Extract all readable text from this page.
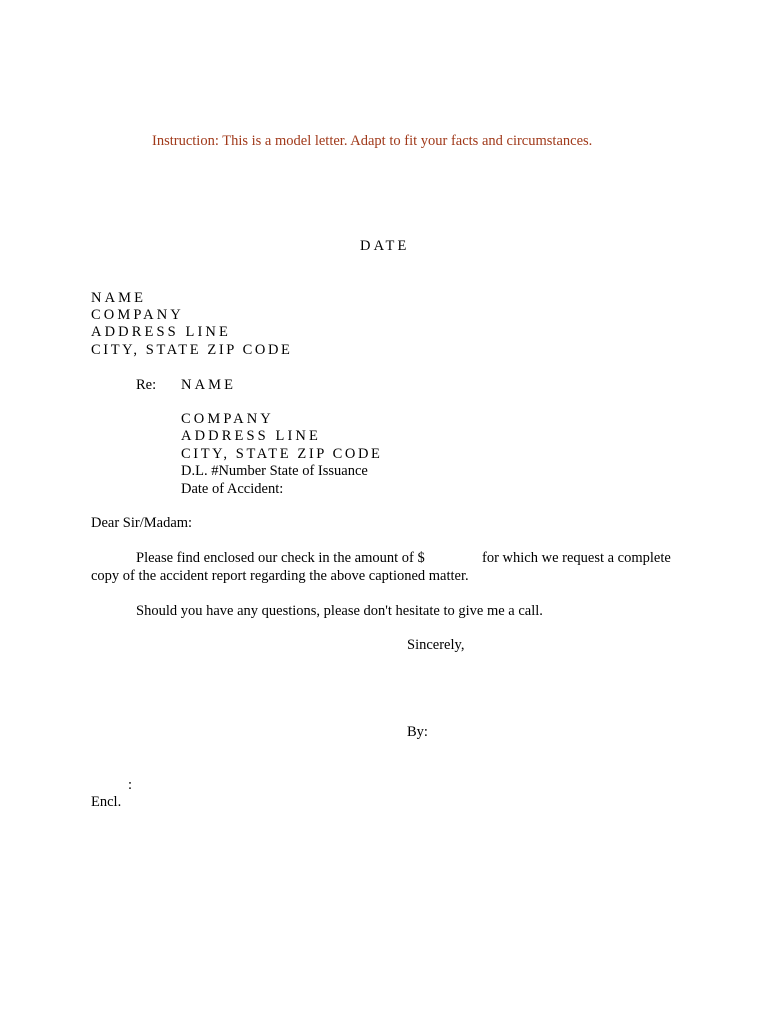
Instruction: This is a model letter. Adapt to fit your facts and circumstances.
DATE
NAME
COMPANY
ADDRESS LINE
CITY, STATE ZIP CODE
Re: NAME
COMPANY
ADDRESS LINE
CITY, STATE ZIP CODE
D.L. #Number State of Issuance
Date of Accident:
Dear Sir/Madam:
Please find enclosed our check in the amount of $	for which we request a complete
copy of the accident report regarding the above captioned matter.
Should you have any questions, please don't hesitate to give me a call.
Sincerely,
By:
:
Encl.
